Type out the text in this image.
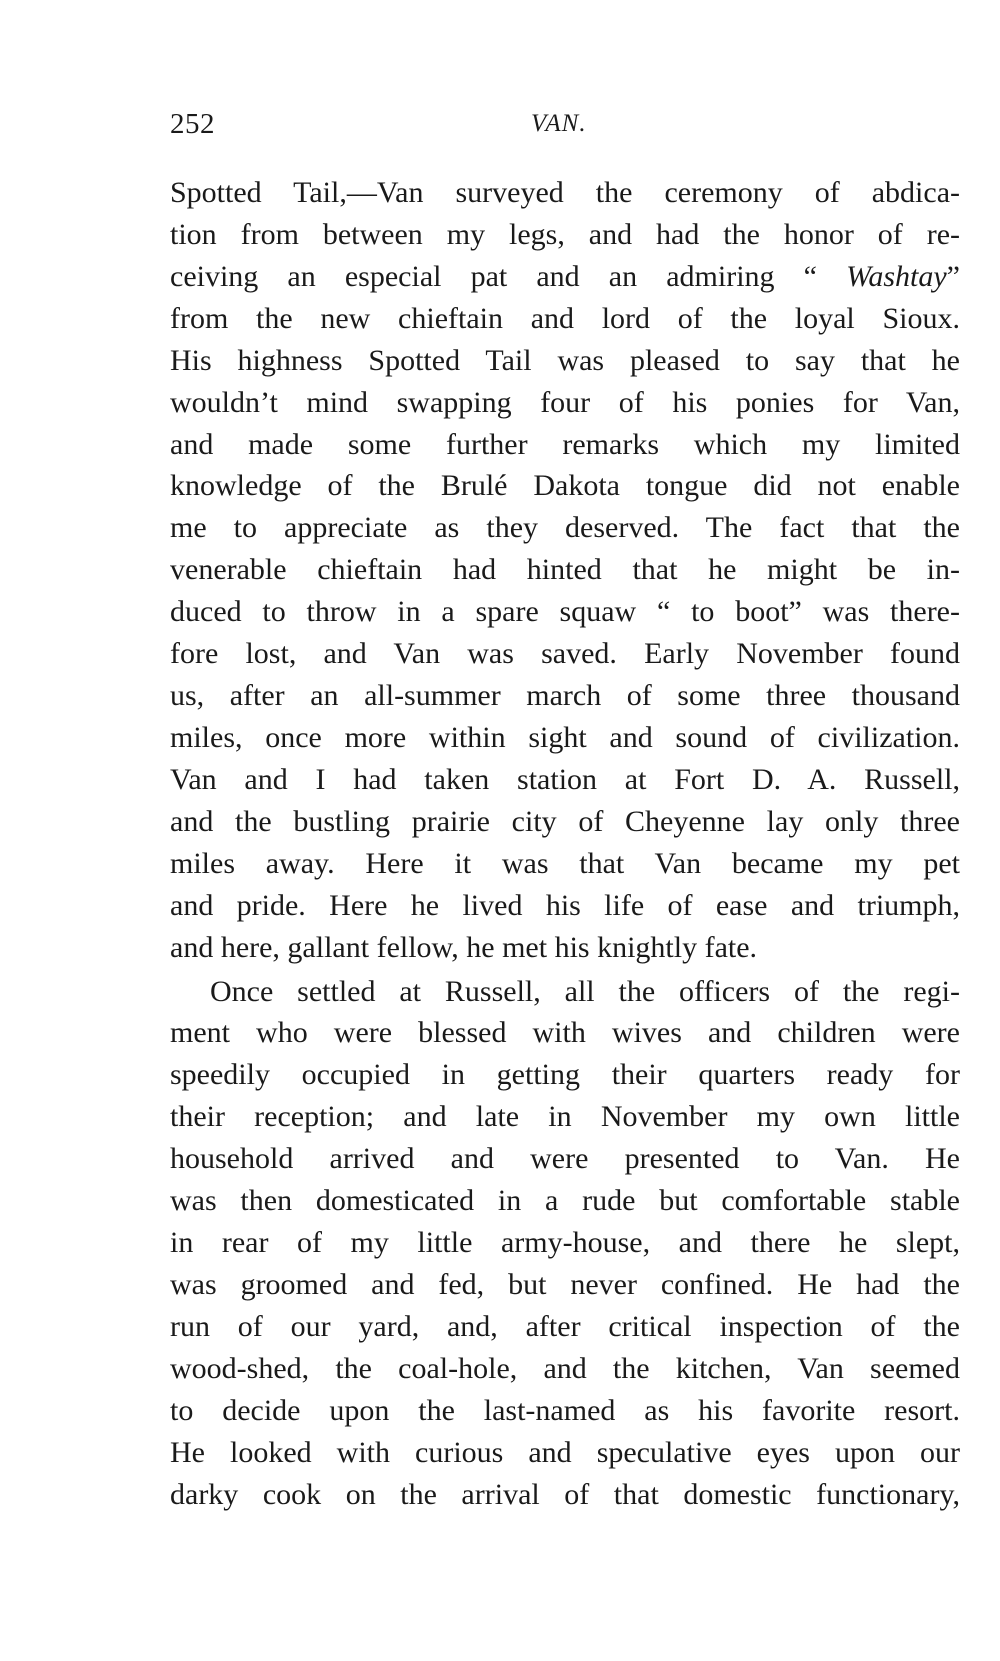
252	VAN.
Spotted Tail,—Van surveyed the ceremony of abdica-
tion from between my legs, and had the honor of re-
ceiving an especial pat and an admiring “ Washtay”
from the new chieftain and lord of the loyal Sioux.
His highness Spotted Tail was pleased to say that he
wouldn’t mind swapping four of his ponies for Van,
and made some further remarks which my limited
knowledge of the Brulé Dakota tongue did not enable
me to appreciate as they deserved. The fact that the
venerable chieftain had hinted that he might be in-
duced to throw in a spare squaw “ to boot” was there-
fore lost, and Van was saved. Early November found
us, after an all-summer march of some three thousand
miles, once more within sight and sound of civilization.
Van and I had taken station at Fort D. A. Russell,
and the bustling prairie city of Cheyenne lay only three
miles away. Here it was that Van became my pet
and pride. Here he lived his life of ease and triumph,
and here, gallant fellow, he met his knightly fate.
Once settled at Russell, all the officers of the regi-
ment who were blessed with wives and children were
speedily occupied in getting their quarters ready for
their reception; and late in November my own little
household arrived and were presented to Van. He
was then domesticated in a rude but comfortable stable
in rear of my little army-house, and there he slept,
was groomed and fed, but never confined. He had the
run of our yard, and, after critical inspection of the
wood-shed, the coal-hole, and the kitchen, Van seemed
to decide upon the last-named as his favorite resort.
He looked with curious and speculative eyes upon our
darky cook on the arrival of that domestic functionary,
